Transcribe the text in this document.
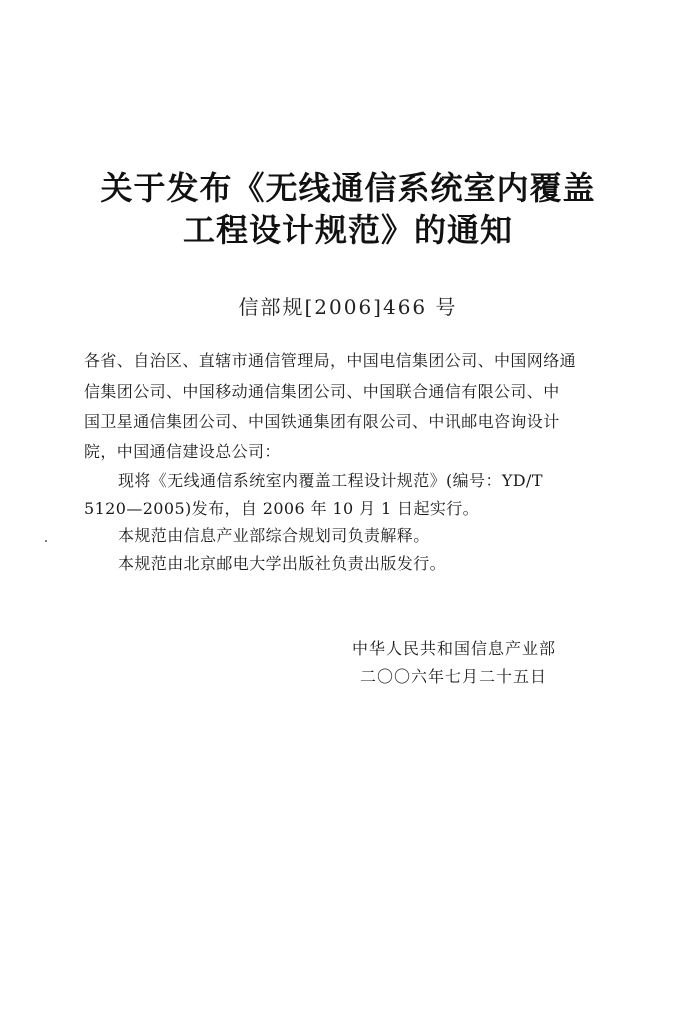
关于发布《无线通信系统室内覆盖
工程设计规范》的通知
信部规[2006]466 号
各省、自治区、直辖市通信管理局，中国电信集团公司、中国网络通
信集团公司、中国移动通信集团公司、中国联合通信有限公司、中
国卫星通信集团公司、中国铁通集团有限公司、中讯邮电咨询设计
院，中国通信建设总公司：
现将《无线通信系统室内覆盖工程设计规范》(编号：YD/T
5120—2005)发布，自 2006 年 10 月 1 日起实行。
本规范由信息产业部综合规划司负责解释。
本规范由北京邮电大学出版社负责出版发行。
中华人民共和国信息产业部
二〇〇六年七月二十五日
